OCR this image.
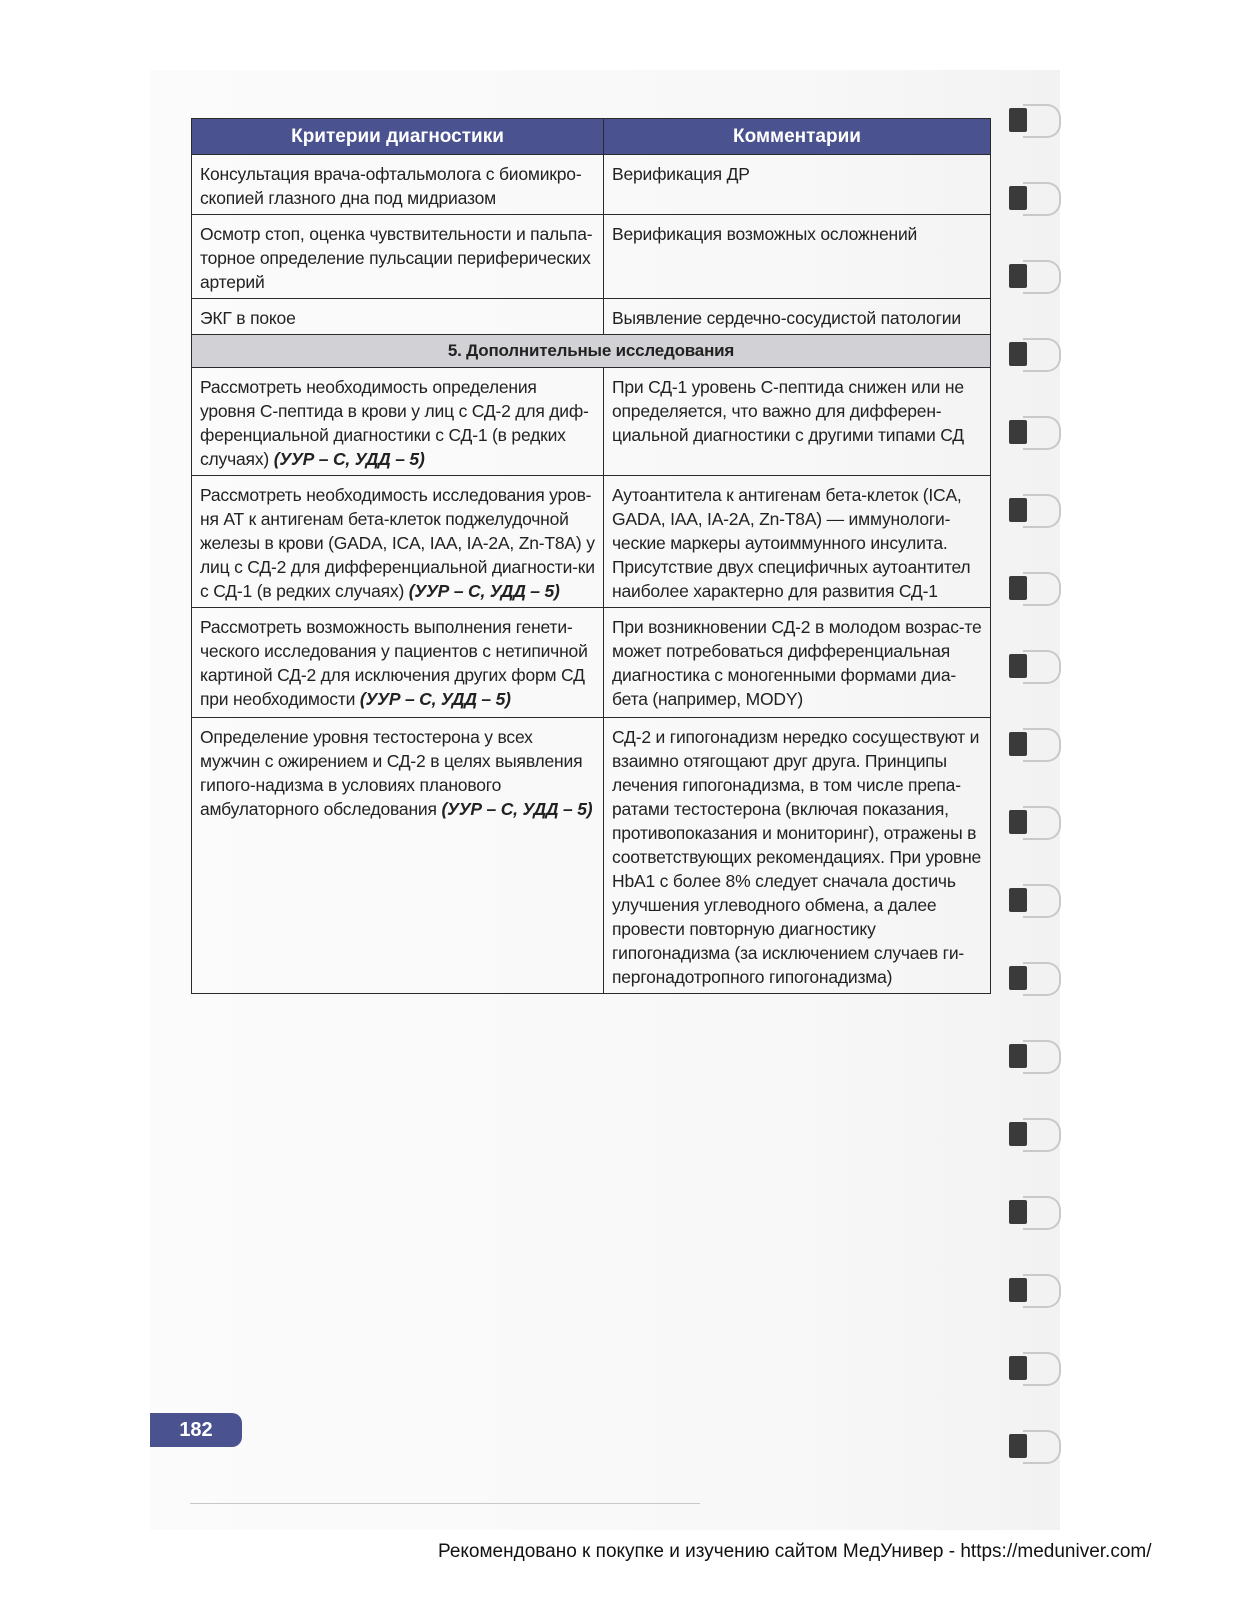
Критерии диагностики	Комментарии
Консультация врача-офтальмолога с биомикро-скопией глазного дна под мидриазом	Верификация ДР
Осмотр стоп, оценка чувствительности и пальпа-торное определение пульсации периферических артерий	Верификация возможных осложнений
ЭКГ в покое	Выявление сердечно-сосудистой патологии
5. Дополнительные исследования	
Рассмотреть необходимость определения уровня С-пептида в крови у лиц с СД-2 для диф-ференциальной диагностики с СД-1 (в редких случаях) (УУР – С, УДД – 5)	При СД-1 уровень С-пептида снижен или не определяется, что важно для дифферен-циальной диагностики с другими типами СД
Рассмотреть необходимость исследования уров-ня АТ к антигенам бета-клеток поджелудочной железы в крови (GADA, ICA, IAA, IA-2A, Zn-T8A) у лиц с СД-2 для дифференциальной диагности-ки с СД-1 (в редких случаях) (УУР – С, УДД – 5)	Аутоантитела к антигенам бета-клеток (ICA, GADA, IAA, IA-2A, Zn-T8A) — иммунологи-ческие маркеры аутоиммунного инсулита. Присутствие двух специфичных аутоантител наиболее характерно для развития СД-1
Рассмотреть возможность выполнения генети-ческого исследования у пациентов с нетипичной картиной СД-2 для исключения других форм СД при необходимости (УУР – С, УДД – 5)	При возникновении СД-2 в молодом возрас-те может потребоваться дифференциальная диагностика с моногенными формами диа-бета (например, MODY)
Определение уровня тестостерона у всех мужчин с ожирением и СД-2 в целях выявления гипого-надизма в условиях планового амбулаторного обследования (УУР – С, УДД – 5)	СД-2 и гипогонадизм нередко сосуществуют и взаимно отягощают друг друга. Принципы лечения гипогонадизма, в том числе препа-ратами тестостерона (включая показания, противопоказания и мониторинг), отражены в соответствующих рекомендациях. При уровне HbA1 с более 8% следует сначала достичь улучшения углеводного обмена, а далее провести повторную диагностику гипогонадизма (за исключением случаев ги-пергонадотропного гипогонадизма)
182
Рекомендовано к покупке и изучению сайтом МедУнивер - https://meduniver.com/
